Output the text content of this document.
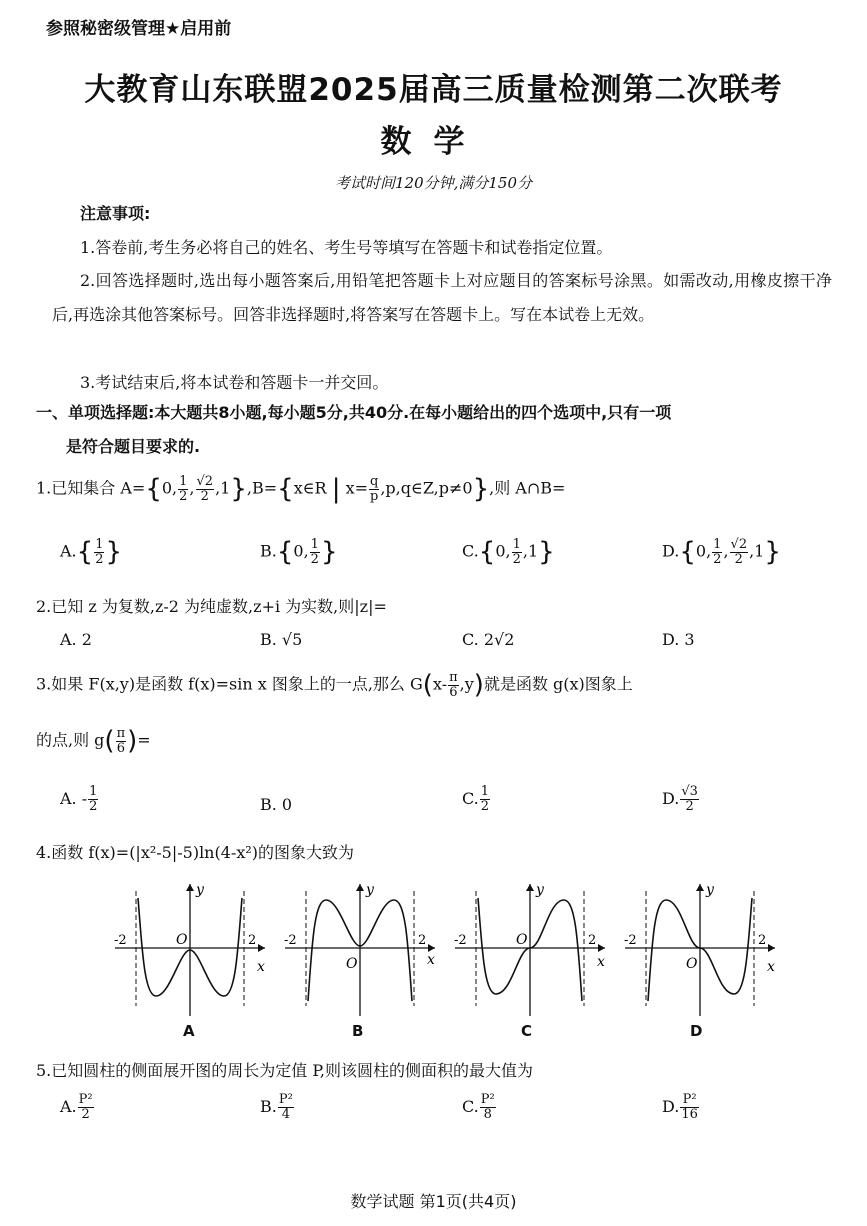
参照秘密级管理★启用前
大教育山东联盟2025届高三质量检测第二次联考
数学
考试时间120分钟,满分150分
注意事项:
1.答卷前,考生务必将自己的姓名、考生号等填写在答题卡和试卷指定位置。
2.回答选择题时,选出每小题答案后,用铅笔把答题卡上对应题目的答案标号涂黑。如需改动,用橡皮擦干净后,再选涂其他答案标号。回答非选择题时,将答案写在答题卡上。写在本试卷上无效。
3.考试结束后,将本试卷和答题卡一并交回。
一、单项选择题:本大题共8小题,每小题5分,共40分.在每小题给出的四个选项中,只有一项
是符合题目要求的.
1.已知集合 A={0, $\frac{1}{2}$ , $\frac{√2}{2}$ ,1},B={x∈R | $x= \frac{q}{p}$ ,p,q∈Z,p≠0},则 A∩B=
$A.\{ \frac{1}{2}$ }	B.{0, $\frac{1}{2}$ }	C.{0, $\frac{1}{2} ,1$}	D.{0, $\frac{1}{2}$ , $\frac{√2}{2} ,1$}
2.已知 z 为复数,z-2 为纯虚数,z+i 为实数,则|z|=
A. 2	B. √5	C. 2√2	D. 3
3.如果 F(x,y)是函数 f(x)=sin x 图象上的一点,那么 $G(x- \frac{\pi}{6} ,y)$就是函数 g(x)图象上
的点,则 $g( \frac{\pi}{6}$ )=
A. - $\frac{1}{2}$	B. 0	C. $\frac{1}{2}$	D. $\frac{√3}{2}$
4.函数 f(x)=(|x²-5|-5)ln(4-x²)的图象大致为
y
x
O
-2	2
A
y
x
O
-2	2
B
y
x
O
-2	2
C
y
x
O
-2	2
D
5.已知圆柱的侧面展开图的周长为定值 P,则该圆柱的侧面积的最大值为
A. $\frac{\text{P²}}{2}$	B. $\frac{\text{P²}}{4}$	C. $\frac{\text{P²}}{8}$	D. $\frac{\text{P²}}{16}$
数学试题 第1页(共4页)
